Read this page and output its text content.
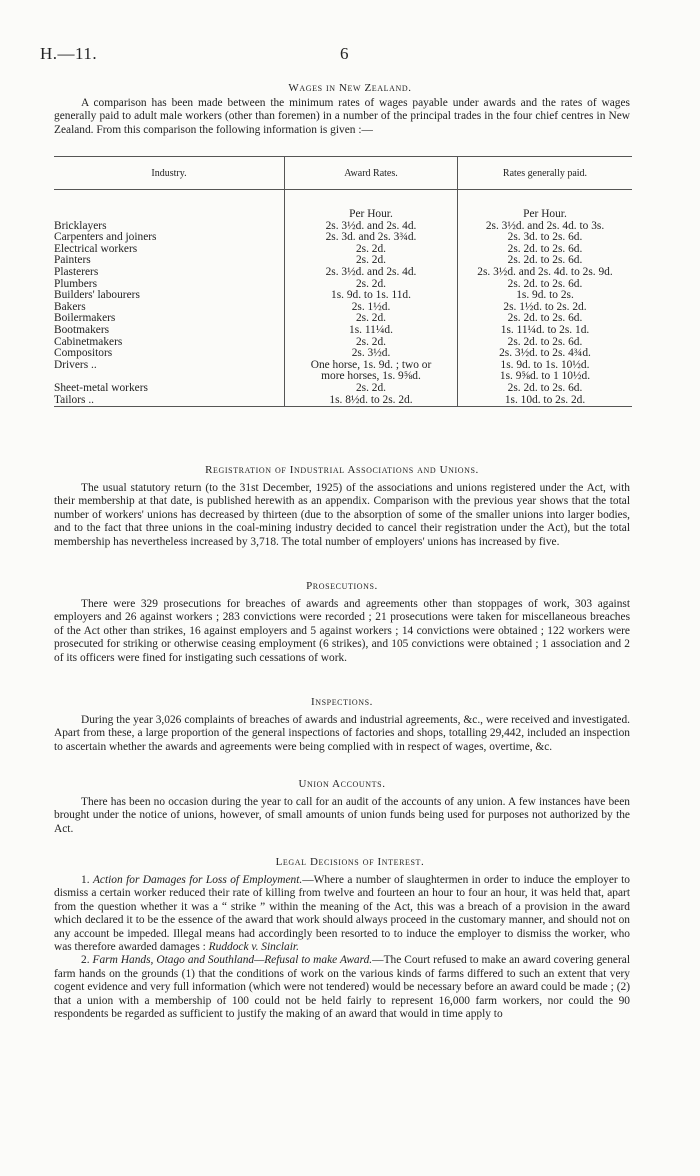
H.—11.	6
Wages in New Zealand.

A comparison has been made between the minimum rates of wages payable under awards and the rates of wages generally paid to adult male workers (other than foremen) in a number of the principal trades in the four chief centres in New Zealand. From this comparison the following information is given :—

Industry.	Award Rates.	Rates generally paid.

	Per Hour.	Per Hour.
Bricklayers	2s. 3½d. and 2s. 4d.	2s. 3½d. and 2s. 4d. to 3s.
Carpenters and joiners	2s. 3d. and 2s. 3¾d.	2s. 3d. to 2s. 6d.
Electrical workers	2s. 2d.	2s. 2d. to 2s. 6d.
Painters	2s. 2d.	2s. 2d. to 2s. 6d.
Plasterers	2s. 3½d. and 2s. 4d.	2s. 3½d. and 2s. 4d. to 2s. 9d.
Plumbers	2s. 2d.	2s. 2d. to 2s. 6d.
Builders' labourers	1s. 9d. to 1s. 11d.	1s. 9d. to 2s.
Bakers	2s. 1½d.	2s. 1½d. to 2s. 2d.
Boilermakers	2s. 2d.	2s. 2d. to 2s. 6d.
Bootmakers	1s. 11¼d.	1s. 11¼d. to 2s. 1d.
Cabinetmakers	2s. 2d.	2s. 2d. to 2s. 6d.
Compositors	2s. 3½d.	2s. 3½d. to 2s. 4¾d.
Drivers ..	One horse, 1s. 9d. ; two or	1s. 9d. to 1s. 10½d.
	more horses, 1s. 9⅝d.	1s. 9⅝d. to 1 10½d.
Sheet-metal workers	2s. 2d.	2s. 2d. to 2s. 6d.
Tailors ..	1s. 8½d. to 2s. 2d.	1s. 10d. to 2s. 2d.

Registration of Industrial Associations and Unions.

The usual statutory return (to the 31st December, 1925) of the associations and unions registered under the Act, with their membership at that date, is published herewith as an appendix. Comparison with the previous year shows that the total number of workers' unions has decreased by thirteen (due to the absorption of some of the smaller unions into larger bodies, and to the fact that three unions in the coal-mining industry decided to cancel their registration under the Act), but the total membership has nevertheless increased by 3,718. The total number of employers' unions has increased by five.

Prosecutions.

There were 329 prosecutions for breaches of awards and agreements other than stoppages of work, 303 against employers and 26 against workers ; 283 convictions were recorded ; 21 prosecutions were taken for miscellaneous breaches of the Act other than strikes, 16 against employers and 5 against workers ; 14 convictions were obtained ; 122 workers were prosecuted for striking or otherwise ceasing employment (6 strikes), and 105 convictions were obtained ; 1 association and 2 of its officers were fined for instigating such cessations of work.

Inspections.

During the year 3,026 complaints of breaches of awards and industrial agreements, &c., were received and investigated. Apart from these, a large proportion of the general inspections of factories and shops, totalling 29,442, included an inspection to ascertain whether the awards and agreements were being complied with in respect of wages, overtime, &c.

Union Accounts.

There has been no occasion during the year to call for an audit of the accounts of any union. A few instances have been brought under the notice of unions, however, of small amounts of union funds being used for purposes not authorized by the Act.

Legal Decisions of Interest.

1. Action for Damages for Loss of Employment.—Where a number of slaughtermen in order to induce the employer to dismiss a certain worker reduced their rate of killing from twelve and fourteen an hour to four an hour, it was held that, apart from the question whether it was a “ strike ” within the meaning of the Act, this was a breach of a provision in the award which declared it to be the essence of the award that work should always proceed in the customary manner, and should not on any account be impeded. Illegal means had accordingly been resorted to to induce the employer to dismiss the worker, who was therefore awarded damages : Ruddock v. Sinclair.

2. Farm Hands, Otago and Southland—Refusal to make Award.—The Court refused to make an award covering general farm hands on the grounds (1) that the conditions of work on the various kinds of farms differed to such an extent that very cogent evidence and very full information (which were not tendered) would be necessary before an award could be made ; (2) that a union with a membership of 100 could not be held fairly to represent 16,000 farm workers, nor could the 90 respondents be regarded as sufficient to justify the making of an award that would in time apply to
